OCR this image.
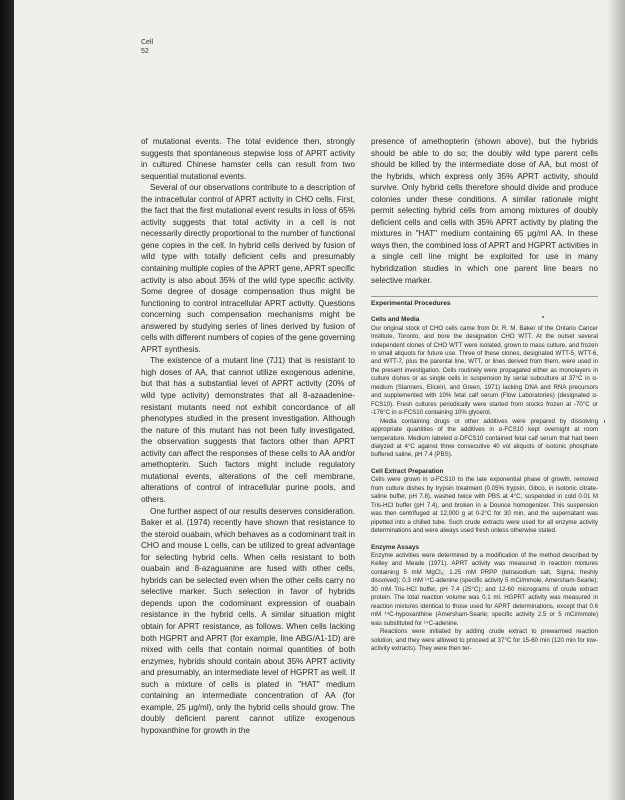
Cell
52

of mutational events. The total evidence then, strongly suggests that spontaneous stepwise loss of APRT activity in cultured Chinese hamster cells can result from two sequential mutational events.

Several of our observations contribute to a description of the intracellular control of APRT activity in CHO cells. First, the fact that the first mutational event results in loss of 65% activity suggests that total activity in a cell is not necessarily directly proportional to the number of functional gene copies in the cell. In hybrid cells derived by fusion of wild type with totally deficient cells and presumably containing multiple copies of the APRT gene, APRT specific activity is also about 35% of the wild type specific activity. Some degree of dosage compensation thus might be functioning to control intracellular APRT activity. Questions concerning such compensation mechanisms might be answered by studying series of lines derived by fusion of cells with different numbers of copies of the gene governing APRT synthesis.

The existence of a mutant line (7J1) that is resistant to high doses of AA, that cannot utilize exogenous adenine, but that has a substantial level of APRT activity (20% of wild type activity) demonstrates that all 8-azaadenine-resistant mutants need not exhibit concordance of all phenotypes studied in the present investigation. Although the nature of this mutant has not been fully investigated, the observation suggests that factors other than APRT activity can affect the responses of these cells to AA and/or amethopterin. Such factors might include regulatory mutational events, alterations of the cell membrane, alterations of control of intracellular purine pools, and others.

One further aspect of our results deserves consideration. Baker et al. (1974) recently have shown that resistance to the steroid ouabain, which behaves as a codominant trait in CHO and mouse L cells, can be utilized to great advantage for selecting hybrid cells. When cells resistant to both ouabain and 8-azaguanine are fused with other cells, hybrids can be selected even when the other cells carry no selective marker. Such selection in favor of hybrids depends upon the codominant expression of ouabain resistance in the hybrid cells. A similar situation might obtain for APRT resistance, as follows. When cells lacking both HGPRT and APRT (for example, line ABG/A1-1D) are mixed with cells that contain normal quantities of both enzymes, hybrids should contain about 35% APRT activity and presumably, an intermediate level of HGPRT as well. If such a mixture of cells is plated in "HAT" medium containing an intermediate concentration of AA (for example, 25 μg/ml), only the hybrid cells should grow. The doubly deficient parent cannot utilize exogenous hypoxanthine for growth in the

presence of amethopterin (shown above), but the hybrids should be able to do so; the doubly wild type parent cells should be killed by the intermediate dose of AA, but most of the hybrids, which express only 35% APRT activity, should survive. Only hybrid cells therefore should divide and produce colonies under these conditions. A similar rationale might permit selecting hybrid cells from among mixtures of doubly deficient cells and cells with 35% APRT activity by plating the mixtures in "HAT" medium containing 65 μg/ml AA. In these ways then, the combined loss of APRT and HGPRT activities in a single cell line might be exploited for use in many hybridization studies in which one parent line bears no selective marker.

Experimental Procedures

Cells and Media

Our original stock of CHO cells came from Dr. R. M. Baker of the Ontario Cancer Institute, Toronto, and bore the designation CHO WTT. At the outset several independent clones of CHO WTT were isolated, grown to mass culture, and frozen in small aliquots for future use. Three of these clones, designated WTT-5, WTT-6, and WTT-7, plus the parental line, WTT, or lines derived from them, were used in the present investigation. Cells routinely were propagated either as monolayers in culture dishes or as single cells in suspension by serial subculture at 37°C in α-medium (Stanners, Eliceiri, and Green, 1971) lacking DNA and RNA precursors and supplemented with 10% fetal calf serum (Flow Laboratories) (designated α-FCS10). Fresh cultures periodically were started from stocks frozen at -70°C or -176°C in α-FCS10 containing 10% glycerol.

Media containing drugs or other additives were prepared by dissolving appropriate quantities of the additives in α-FCS10 kept overnight at room temperature. Medium labeled α-DFCS10 contained fetal calf serum that had been dialyzed at 4°C against three consecutive 40 vol aliquots of isotonic phosphate buffered saline, pH 7.4 (PBS).

Cell Extract Preparation

Cells were grown in α-FCS10 to the late exponential phase of growth, removed from culture dishes by trypsin treatment (0.05% trypsin, Gibco, in isotonic citrate-saline buffer, pH 7.8), washed twice with PBS at 4°C, suspended in cold 0.01 M Tris-HCl buffer (pH 7.4), and broken in a Dounce homogenizer. This suspension was then centrifuged at 12,000 g at 0-2°C for 30 min, and the supernatant was pipetted into a chilled tube. Such crude extracts were used for all enzyme activity determinations and were always used fresh unless otherwise stated.

Enzyme Assays

Enzyme activities were determined by a modification of the method described by Kelley and Meade (1971). APRT activity was measured in reaction mixtures containing 5 mM MgCl₂; 1.25 mM PRPP (tetrasodium salt, Sigma; freshly dissolved); 0.3 mM ¹⁴C-adenine (specific activity 5 mCi/mmole, Amersham-Searle); 30 mM Tris-HCl buffer, pH 7.4 (25°C); and 12-60 micrograms of crude extract protein. The total reaction volume was 0.1 ml. HGPRT activity was measured in reaction mixtures identical to those used for APRT determinations, except that 0.6 mM ¹⁴C-hypoxanthine (Amersham-Searle; specific activity 2.5 or 5 mCi/mmole) was substituted for ¹⁴C-adenine.

Reactions were initiated by adding crude extract to prewarmed reaction solution, and they were allowed to proceed at 37°C for 15-60 min (120 min for low-activity extracts). They were then ter-
